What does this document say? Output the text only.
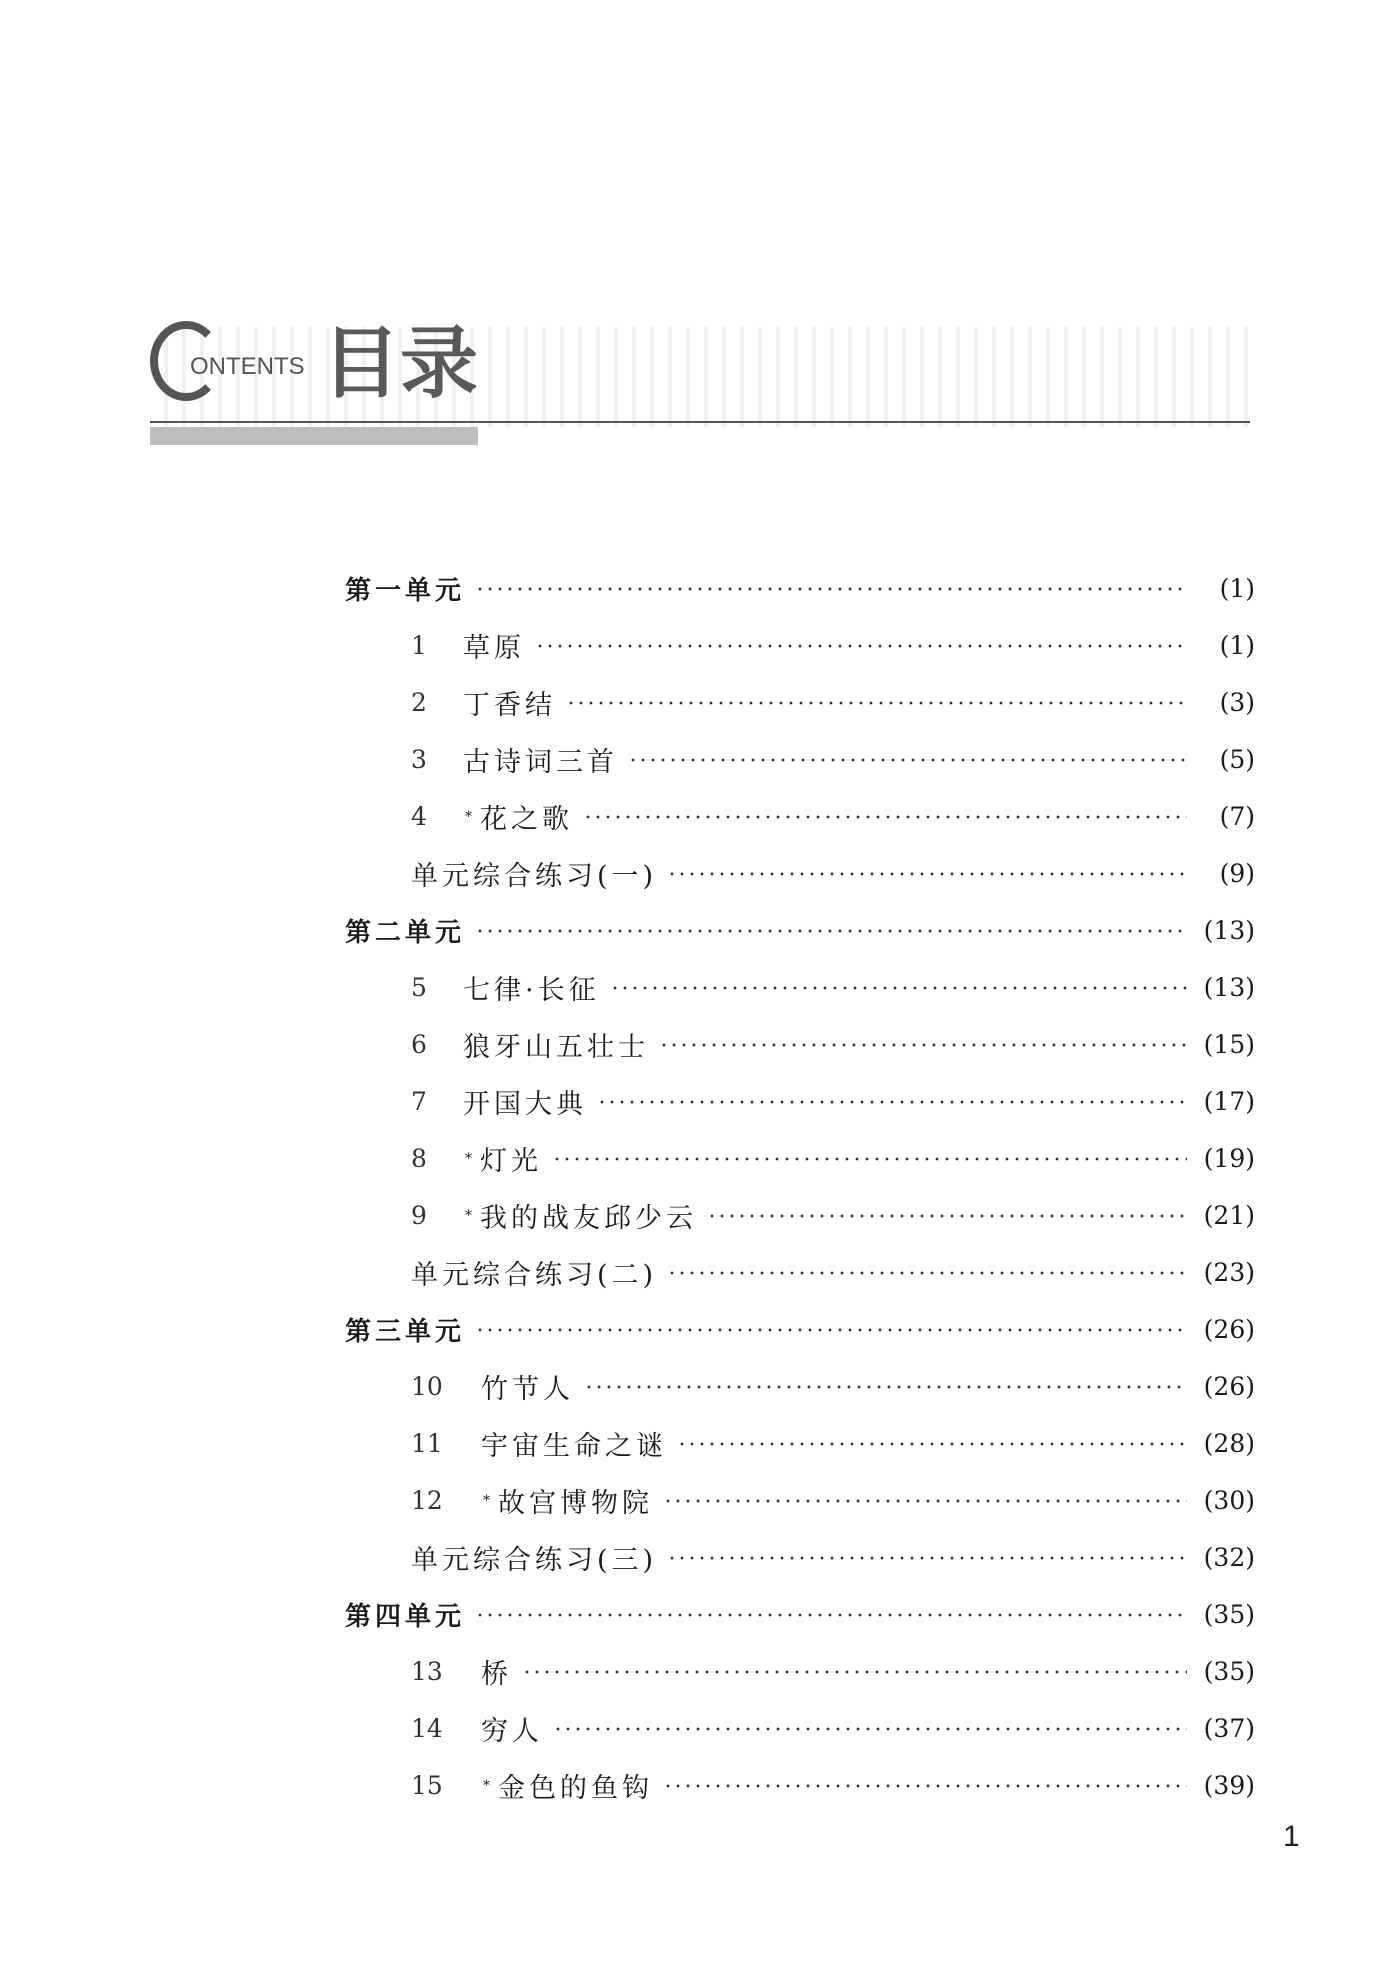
ONTENTS 目录
第一单元	(1)
1	草原	(1)
2	丁香结	(3)
3	古诗词三首	(5)
4	* 花之歌	(7)
单元综合练习(一)	(9)
第二单元	(13)
5	七律·长征	(13)
6	狼牙山五壮士	(15)
7	开国大典	(17)
8	* 灯光	(19)
9	* 我的战友邱少云	(21)
单元综合练习(二)	(23)
第三单元	(26)
10	竹节人	(26)
11	宇宙生命之谜	(28)
12	* 故宫博物院	(30)
单元综合练习(三)	(32)
第四单元	(35)
13	桥	(35)
14	穷人	(37)
15	* 金色的鱼钩	(39)
1
